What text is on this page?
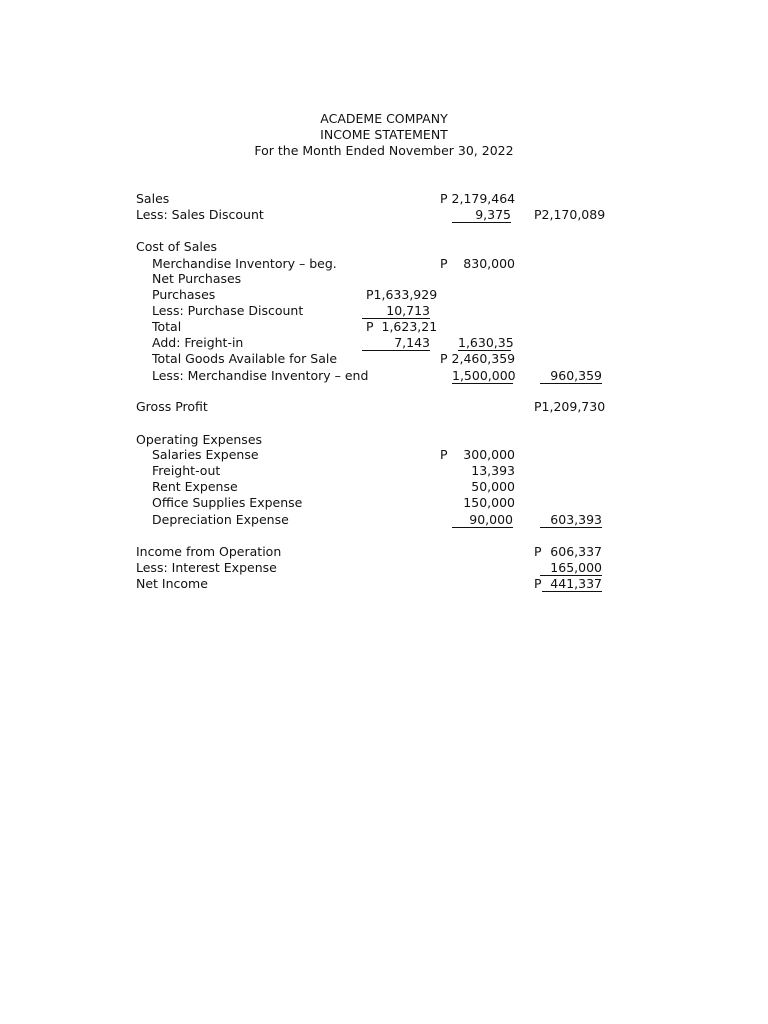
ACADEME COMPANY
INCOME STATEMENT
For the Month Ended November 30, 2022
Sales	P 2,179,464
Less: Sales Discount	9,375 P2,170,089
Cost of Sales
Merchandise Inventory – beg.	P	830,000
Net Purchases
Purchases	P1,633,929
Less: Purchase Discount	10,713
Total	P  1,623,21
Add: Freight-in	7,143 1,630,35
Total Goods Available for Sale	P 2,460,359
Less: Merchandise Inventory – end	1,500,000	960,359
Gross Profit	P1,209,730
Operating Expenses
Salaries Expense	P	300,000
Freight-out	13,393
Rent Expense	50,000
Office Supplies Expense	150,000
Depreciation Expense	90,000	603,393
Income from Operation	P 606,337
Less: Interest Expense	165,000
Net Income	P 441,337
